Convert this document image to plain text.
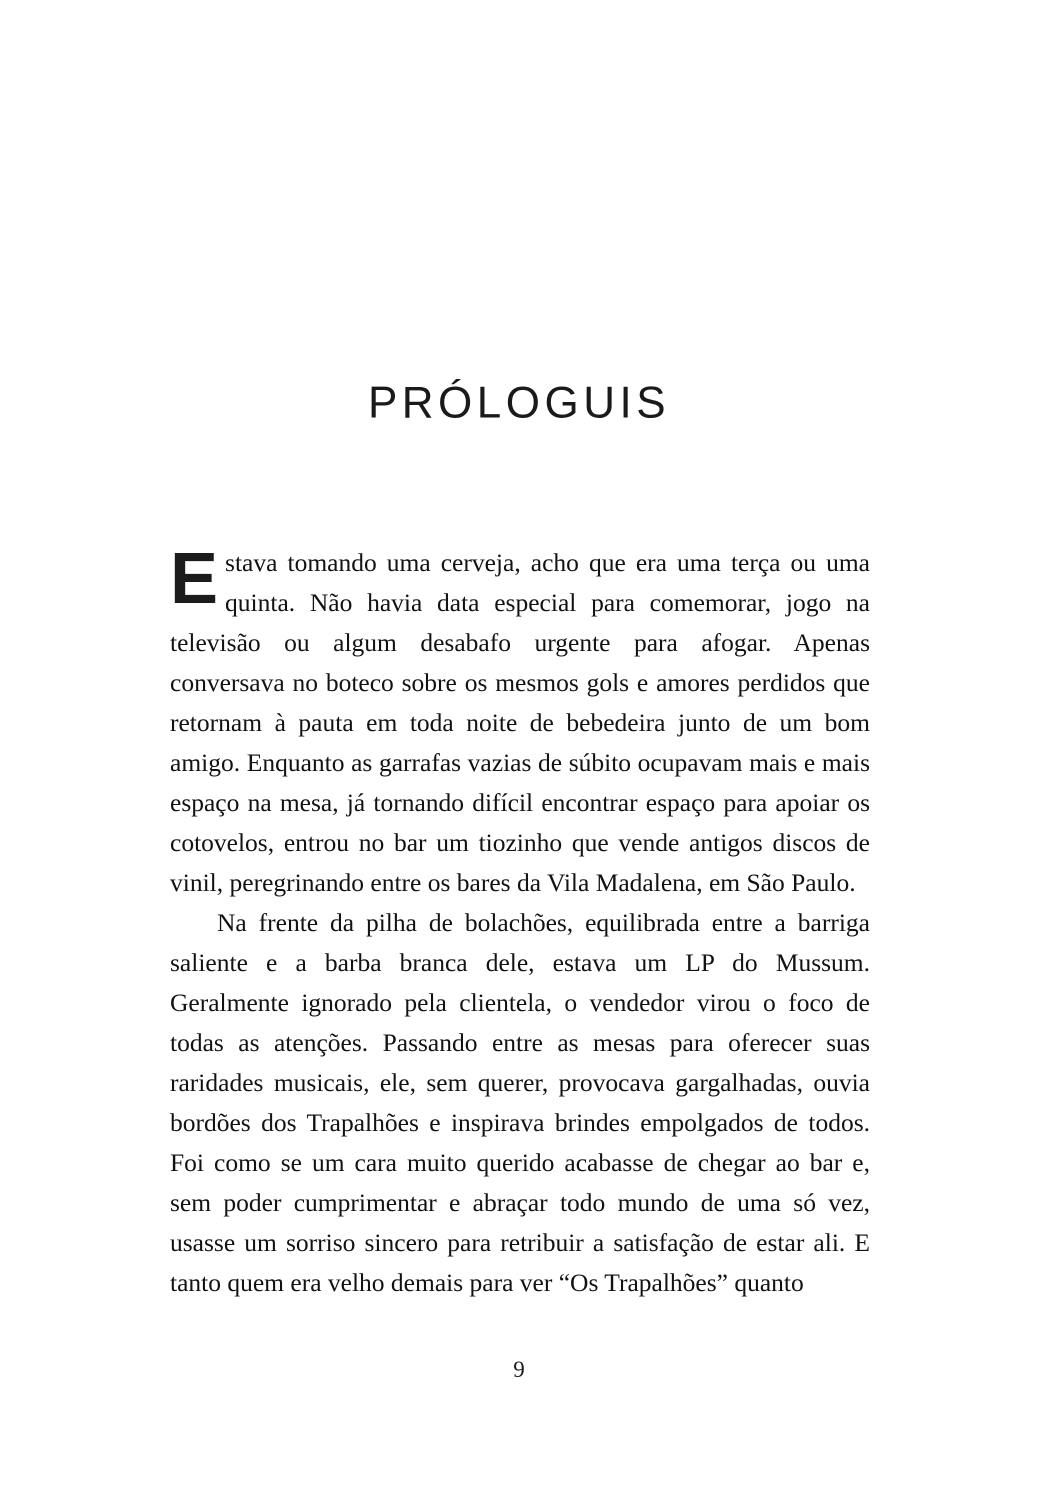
PRÓLOGUIS

Estava tomando uma cerveja, acho que era uma terça ou uma quinta. Não havia data especial para comemorar, jogo na televisão ou algum desabafo urgente para afogar. Apenas conversava no boteco sobre os mesmos gols e amores perdidos que retornam à pauta em toda noite de bebedeira junto de um bom amigo. Enquanto as garrafas vazias de súbito ocupavam mais e mais espaço na mesa, já tornando difícil encontrar espaço para apoiar os cotovelos, entrou no bar um tiozinho que vende antigos discos de vinil, peregrinando entre os bares da Vila Madalena, em São Paulo.

Na frente da pilha de bolachões, equilibrada entre a barriga saliente e a barba branca dele, estava um LP do Mussum. Geralmente ignorado pela clientela, o vendedor virou o foco de todas as atenções. Passando entre as mesas para oferecer suas raridades musicais, ele, sem querer, provocava gargalhadas, ouvia bordões dos Trapalhões e inspirava brindes empolgados de todos. Foi como se um cara muito querido acabasse de chegar ao bar e, sem poder cumprimentar e abraçar todo mundo de uma só vez, usasse um sorriso sincero para retribuir a satisfação de estar ali. E tanto quem era velho demais para ver “Os Trapalhões” quanto

9
